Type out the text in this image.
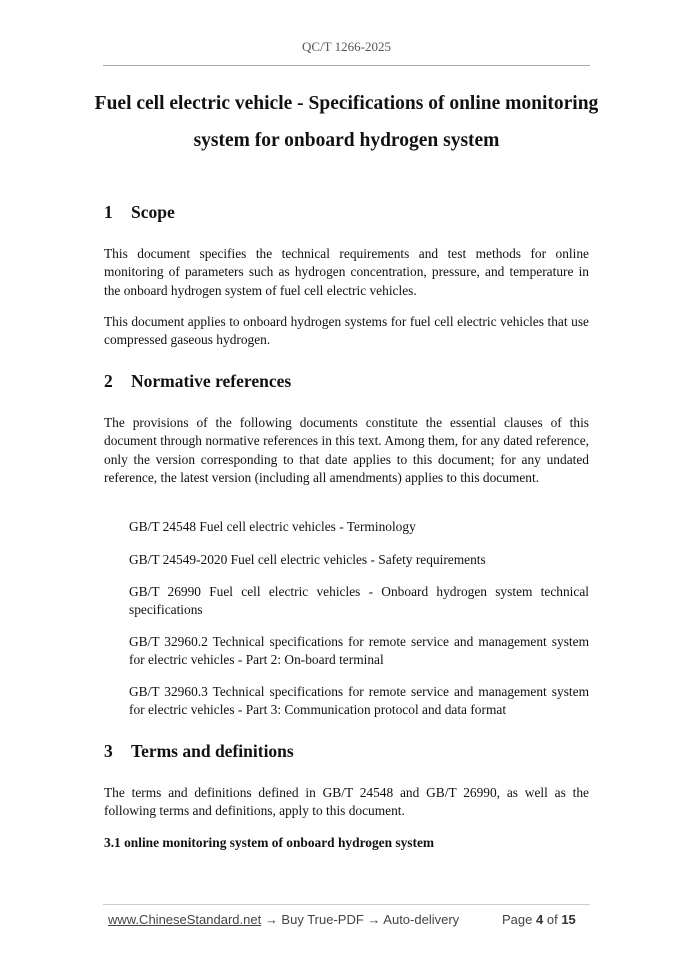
QC/T 1266-2025
Fuel cell electric vehicle - Specifications of online monitoring
system for onboard hydrogen system
1 Scope
This document specifies the technical requirements and test methods for online monitoring of parameters such as hydrogen concentration, pressure, and temperature in the onboard hydrogen system of fuel cell electric vehicles.
This document applies to onboard hydrogen systems for fuel cell electric vehicles that use compressed gaseous hydrogen.
2 Normative references
The provisions of the following documents constitute the essential clauses of this document through normative references in this text. Among them, for any dated reference, only the version corresponding to that date applies to this document; for any undated reference, the latest version (including all amendments) applies to this document.
GB/T 24548 Fuel cell electric vehicles - Terminology
GB/T 24549-2020 Fuel cell electric vehicles - Safety requirements
GB/T 26990 Fuel cell electric vehicles - Onboard hydrogen system technical specifications
GB/T 32960.2 Technical specifications for remote service and management system for electric vehicles - Part 2: On-board terminal
GB/T 32960.3 Technical specifications for remote service and management system for electric vehicles - Part 3: Communication protocol and data format
3 Terms and definitions
The terms and definitions defined in GB/T 24548 and GB/T 26990, as well as the following terms and definitions, apply to this document.
3.1 online monitoring system of onboard hydrogen system
www.ChineseStandard.net → Buy True-PDF → Auto-delivery	Page 4 of 15
